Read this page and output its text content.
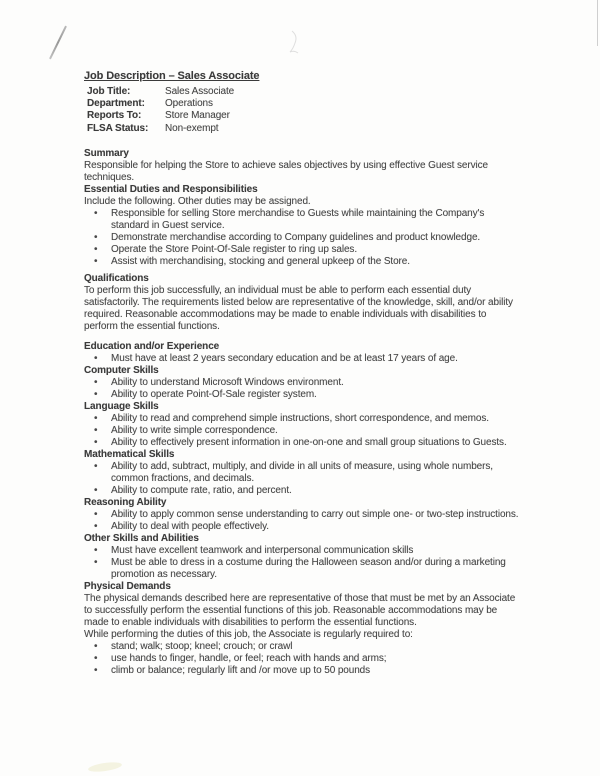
Job Description – Sales Associate
Job Title:	Sales Associate
Department:	Operations
Reports To:	Store Manager
FLSA Status:	Non-exempt
Summary

Responsible for helping the Store to achieve sales objectives by using effective Guest service techniques.

Essential Duties and Responsibilities

Include the following. Other duties may be assigned.

• Responsible for selling Store merchandise to Guests while maintaining the Company's standard in Guest service.
• Demonstrate merchandise according to Company guidelines and product knowledge.
• Operate the Store Point-Of-Sale register to ring up sales.
• Assist with merchandising, stocking and general upkeep of the Store.
Qualifications

To perform this job successfully, an individual must be able to perform each essential duty satisfactorily. The requirements listed below are representative of the knowledge, skill, and/or ability required. Reasonable accommodations may be made to enable individuals with disabilities to perform the essential functions.

Education and/or Experience
• Must have at least 2 years secondary education and be at least 17 years of age.
Computer Skills
• Ability to understand Microsoft Windows environment.
• Ability to operate Point-Of-Sale register system.
Language Skills
• Ability to read and comprehend simple instructions, short correspondence, and memos.
• Ability to write simple correspondence.
• Ability to effectively present information in one-on-one and small group situations to Guests.
Mathematical Skills
• Ability to add, subtract, multiply, and divide in all units of measure, using whole numbers, common fractions, and decimals.
• Ability to compute rate, ratio, and percent.
Reasoning Ability
• Ability to apply common sense understanding to carry out simple one- or two-step instructions.
• Ability to deal with people effectively.
Other Skills and Abilities
• Must have excellent teamwork and interpersonal communication skills
• Must be able to dress in a costume during the Halloween season and/or during a marketing promotion as necessary.
Physical Demands

The physical demands described here are representative of those that must be met by an Associate to successfully perform the essential functions of this job. Reasonable accommodations may be made to enable individuals with disabilities to perform the essential functions.

While performing the duties of this job, the Associate is regularly required to:

• stand; walk; stoop; kneel; crouch; or crawl
• use hands to finger, handle, or feel; reach with hands and arms;
• climb or balance; regularly lift and /or move up to 50 pounds
